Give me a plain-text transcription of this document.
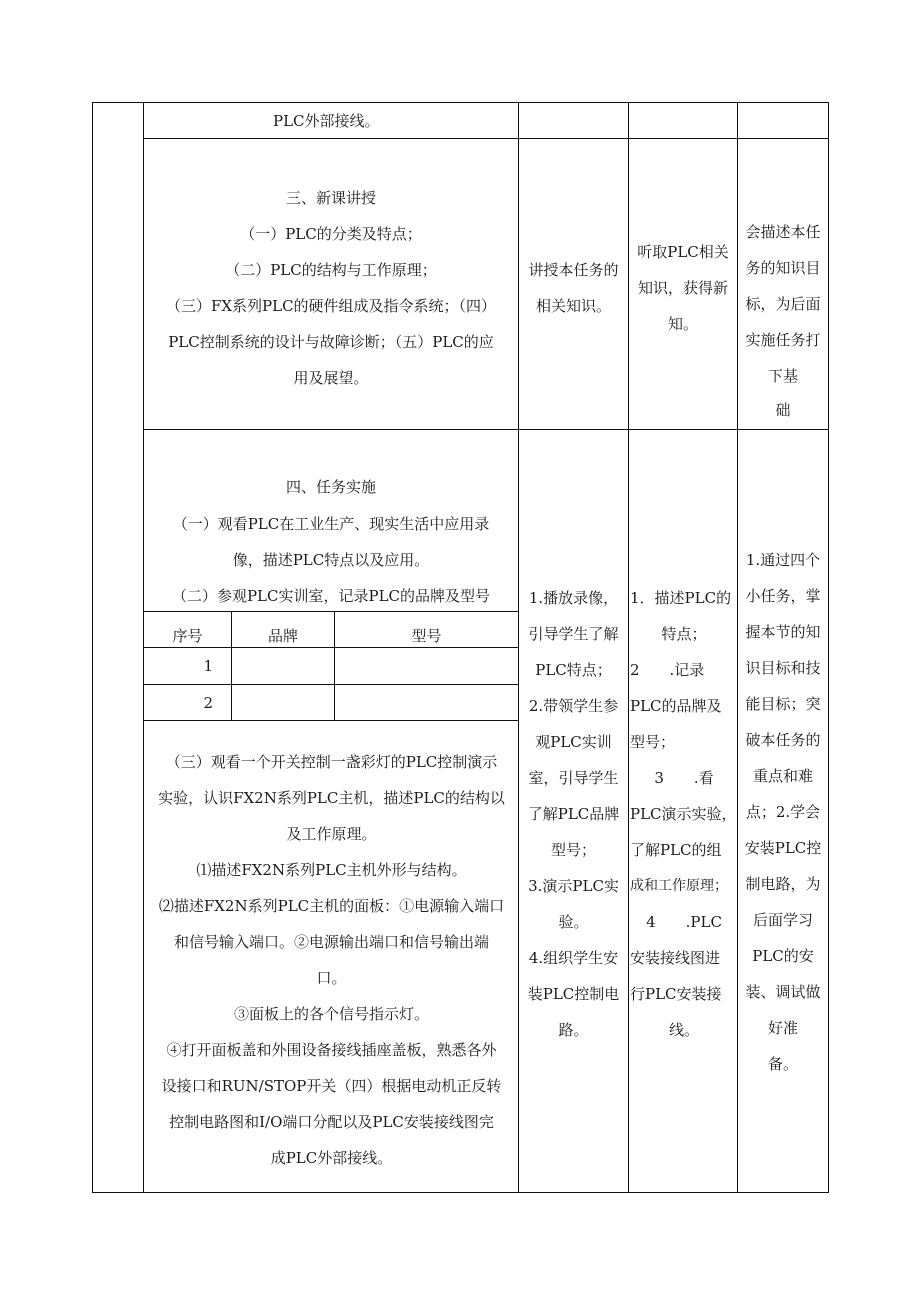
PLC外部接线。
三、新课讲授
（一）PLC的分类及特点；
（二）PLC的结构与工作原理；
（三）FX系列PLC的硬件组成及指令系统；（四）
PLC控制系统的设计与故障诊断；（五）PLC的应
用及展望。
讲授本任务的
相关知识。
听取PLC相关
知识，获得新
知。
会描述本任
务的知识目
标，为后面
实施任务打
下基
础
四、任务实施
（一）观看PLC在工业生产、现实生活中应用录
像，描述PLC特点以及应用。
（二）参观PLC实训室，记录PLC的品牌及型号
序号	品牌	型号
1
2
（三）观看一个开关控制一盏彩灯的PLC控制演示
实验，认识FX2N系列PLC主机，描述PLC的结构以
及工作原理。
⑴描述FX2N系列PLC主机外形与结构。
⑵描述FX2N系列PLC主机的面板：①电源输入端口
和信号输入端口。②电源输出端口和信号输出端
口。
③面板上的各个信号指示灯。
④打开面板盖和外围设备接线插座盖板，熟悉各外
设接口和RUN/STOP开关（四）根据电动机正反转
控制电路图和I/O端口分配以及PLC安装接线图完
成PLC外部接线。
1.播放录像，
引导学生了解
PLC特点；
2.带领学生参
观PLC实训
室，引导学生
了解PLC品牌
型号；
3.演示PLC实
验。
4.组织学生安
装PLC控制电
路。
1．描述PLC的
特点；
2　　.记录
PLC的品牌及
型号；
3　　.看
PLC演示实验，
了解PLC的组
成和工作原理；
4　　.PLC
安装接线图进
行PLC安装接
线。
1.通过四个
小任务，掌
握本节的知
识目标和技
能目标；突
破本任务的
重点和难
点；2.学会
安装PLC控
制电路，为
后面学习
PLC的安
装、调试做
好准
备。
